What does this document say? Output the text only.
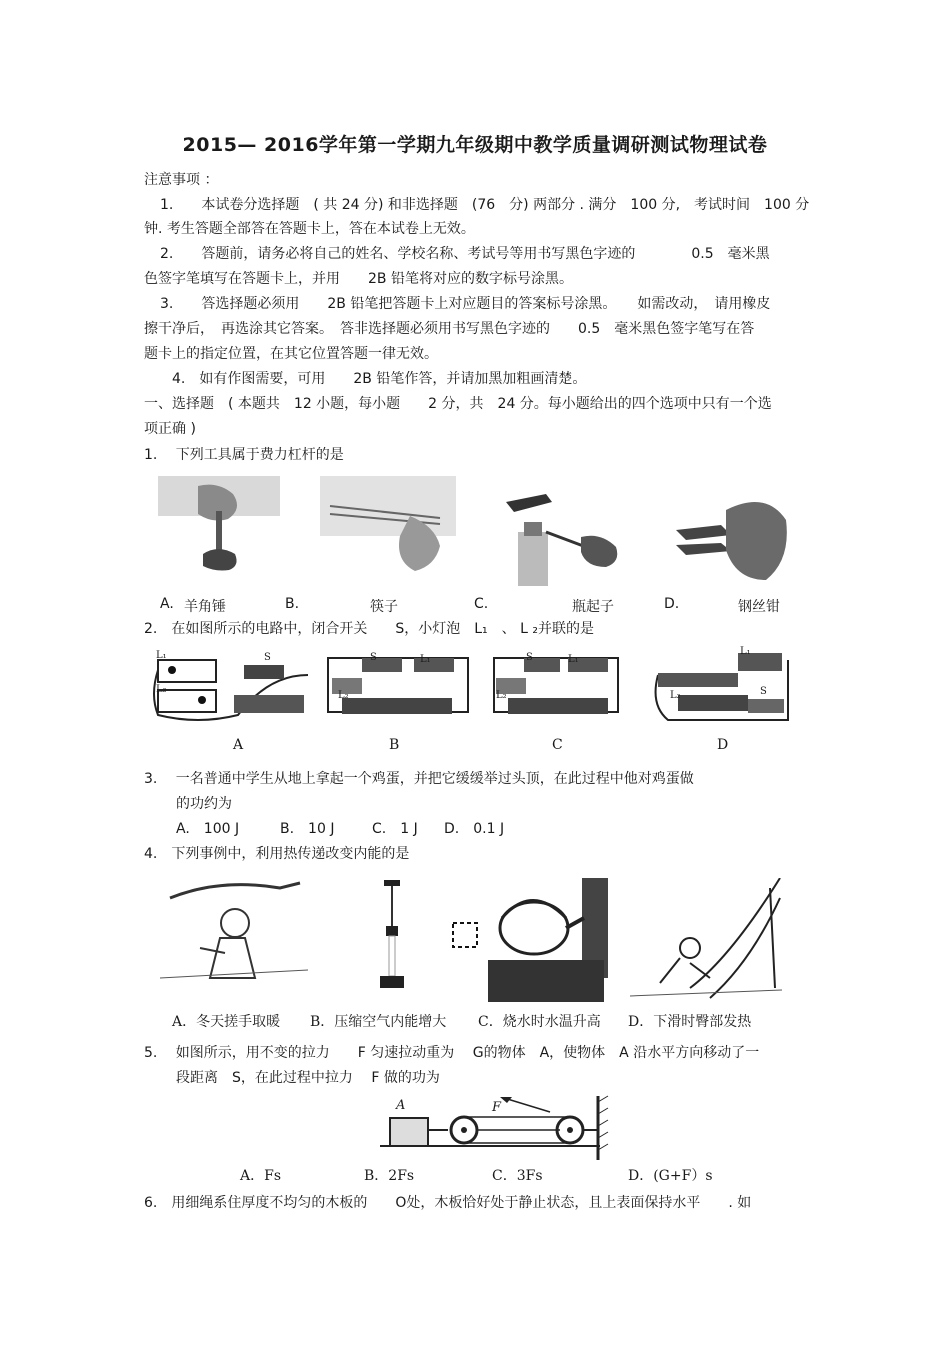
2015— 2016学年第一学期九年级期中教学质量调研测试物理试卷
注意事项 ：
1.　　本试卷分选择题　( 共 24 分) 和非选择题　(76　分) 两部分 . 满分　100 分,　考试时间　100 分
钟. 考生答题全部答在答题卡上，答在本试卷上无效。
2.　　答题前，请务必将自己的姓名、学校名称、考试号等用书写黑色字迹的　　　　0.5　毫米黑
色签字笔填写在答题卡上，并用　　2B 铅笔将对应的数字标号涂黑。
3.　　答选择题必须用　　2B 铅笔把答题卡上对应题目的答案标号涂黑。　　如需改动，　请用橡皮
擦干净后，　再选涂其它答案。　答非选择题必须用书写黑色字迹的　　0.5　毫米黑色签字笔写在答
题卡上的指定位置，在其它位置答题一律无效。
4.　如有作图需要，可用　　2B 铅笔作答，并请加黑加粗画清楚。
一、选择题　( 本题共　12 小题，每小题　　2 分，共　24 分。每小题给出的四个选项中只有一个选
项正确 )
1.　 下列工具属于费力杠杆的是
A. 羊角锤	B.	筷子	C.	瓶起子	D.	钢丝钳
2.　在如图所示的电路中，闭合开关　　S，小灯泡　L₁　、 L ₂并联的是
L₁
L₂
S
L₂
L₁
S
L₂
L₁
S
L₁
L₂	S
A	B	C	D
3.　 一名普通中学生从地上拿起一个鸡蛋，并把它缓缓举过头顶，在此过程中他对鸡蛋做
的功约为
A.　100 J	B.　10 J	C.　1 J D.　0.1 J
4.　下列事例中，利用热传递改变内能的是
A．冬天搓手取暖 B．压缩空气内能增大 C．烧水时水温升高 D．下滑时臀部发热
5.　 如图所示，用不变的拉力　　F 匀速拉动重为　 G的物体　A，使物体　A 沿水平方向移动了一
段距离　S，在此过程中拉力　 F 做的功为
A	F
A．Fs	B．2Fs	C．3Fs	D．(G+F）s
6.　用细绳系住厚度不均匀的木板的　　O处，木板恰好处于静止状态，且上表面保持水平　　. 如
